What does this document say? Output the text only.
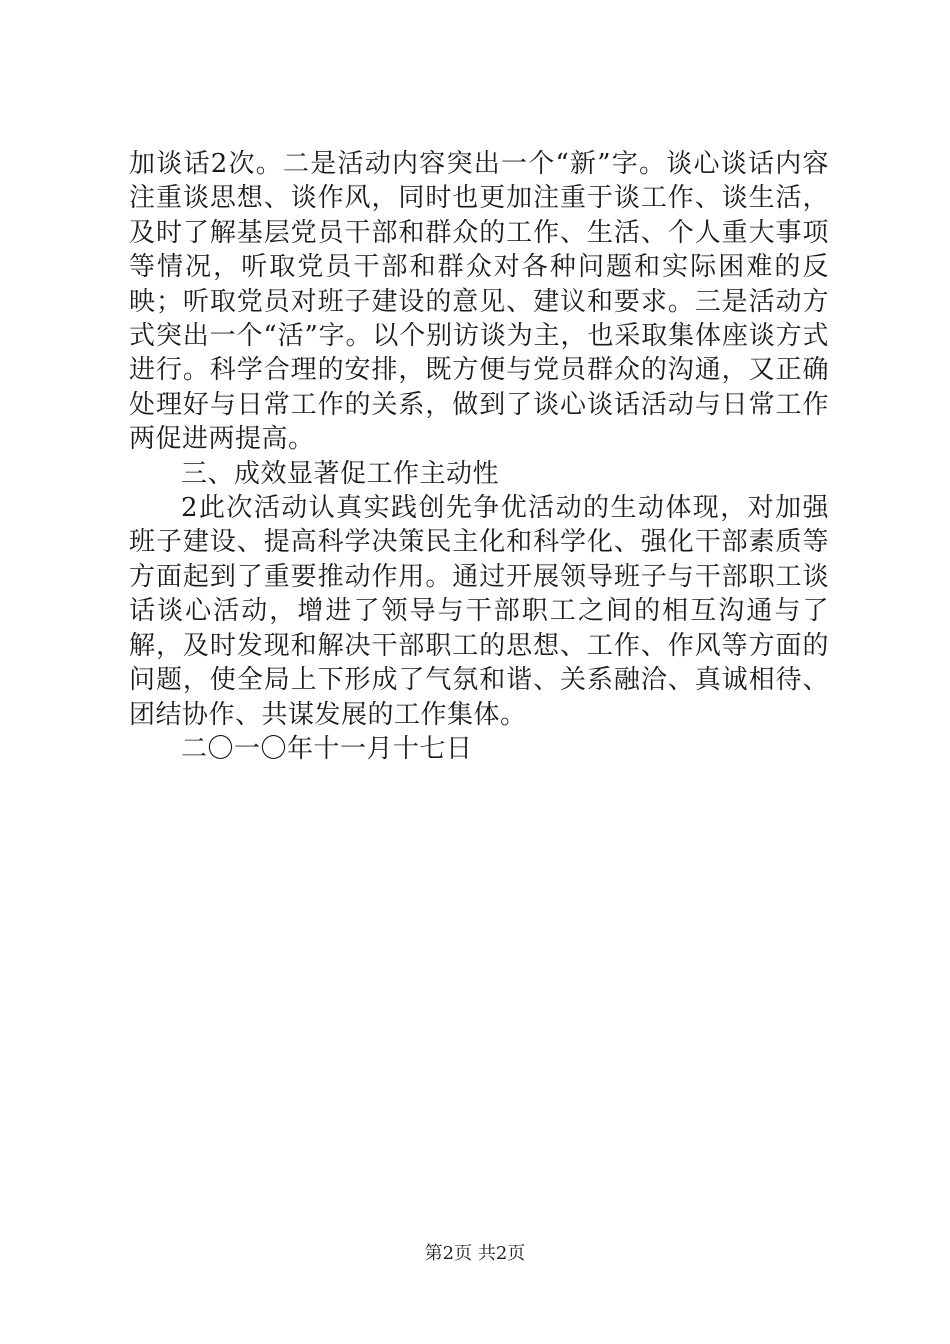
加谈话2次。二是活动内容突出一个“新”字。谈心谈话内容注重谈思想、谈作风，同时也更加注重于谈工作、谈生活，及时了解基层党员干部和群众的工作、生活、个人重大事项等情况，听取党员干部和群众对各种问题和实际困难的反映；听取党员对班子建设的意见、建议和要求。三是活动方式突出一个“活”字。以个别访谈为主，也采取集体座谈方式进行。科学合理的安排，既方便与党员群众的沟通，又正确处理好与日常工作的关系，做到了谈心谈话活动与日常工作两促进两提高。

三、成效显著促工作主动性

2此次活动认真实践创先争优活动的生动体现，对加强班子建设、提高科学决策民主化和科学化、强化干部素质等方面起到了重要推动作用。通过开展领导班子与干部职工谈话谈心活动，增进了领导与干部职工之间的相互沟通与了解，及时发现和解决干部职工的思想、工作、作风等方面的问题，使全局上下形成了气氛和谐、关系融洽、真诚相待、团结协作、共谋发展的工作集体。

二〇一〇年十一月十七日

第2页 共2页
